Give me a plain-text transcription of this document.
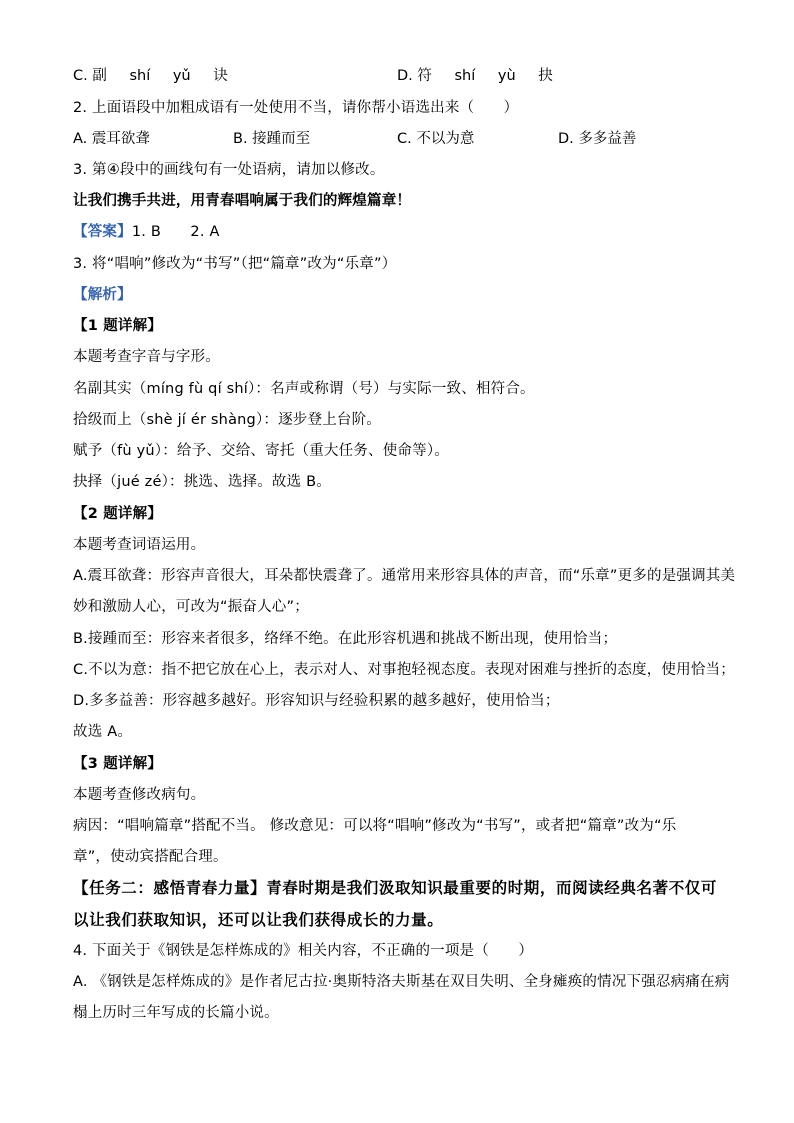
C. 副 shí yǔ 诀	D. 符 shí yù 抉
2. 上面语段中加粗成语有一处使用不当，请你帮小语选出来（　　）
A. 震耳欲聋	B. 接踵而至	C. 不以为意	D. 多多益善
3. 第④段中的画线句有一处语病，请加以修改。
让我们携手共进，用青春唱响属于我们的辉煌篇章！
【答案】1. B　　2. A
3. 将“唱响”修改为“书写”（把“篇章”改为“乐章”）
【解析】
【1 题详解】
本题考查字音与字形。
名副其实（míng fù qí shí）：名声或称谓（号）与实际一致、相符合。
拾级而上（shè jí ér shàng）：逐步登上台阶。
赋予（fù yǔ）：给予、交给、寄托（重大任务、使命等）。
抉择（jué zé）：挑选、选择。故选 B。
【2 题详解】
本题考查词语运用。
A.震耳欲聋：形容声音很大，耳朵都快震聋了。通常用来形容具体的声音，而“乐章”更多的是强调其美
妙和激励人心，可改为“振奋人心”；
B.接踵而至：形容来者很多，络绎不绝。在此形容机遇和挑战不断出现，使用恰当；
C.不以为意：指不把它放在心上，表示对人、对事抱轻视态度。表现对困难与挫折的态度，使用恰当；
D.多多益善：形容越多越好。形容知识与经验积累的越多越好，使用恰当；
故选 A。
【3 题详解】
本题考查修改病句。
病因：“唱响篇章”搭配不当。 修改意见：可以将“唱响”修改为“书写”，或者把“篇章”改为“乐
章”，使动宾搭配合理。
【任务二：感悟青春力量】青春时期是我们汲取知识最重要的时期，而阅读经典名著不仅可
以让我们获取知识，还可以让我们获得成长的力量。
4. 下面关于《钢铁是怎样炼成的》相关内容，不正确的一项是（　　）
A. 《钢铁是怎样炼成的》是作者尼古拉·奥斯特洛夫斯基在双目失明、全身瘫痪的情况下强忍病痛在病
榻上历时三年写成的长篇小说。
